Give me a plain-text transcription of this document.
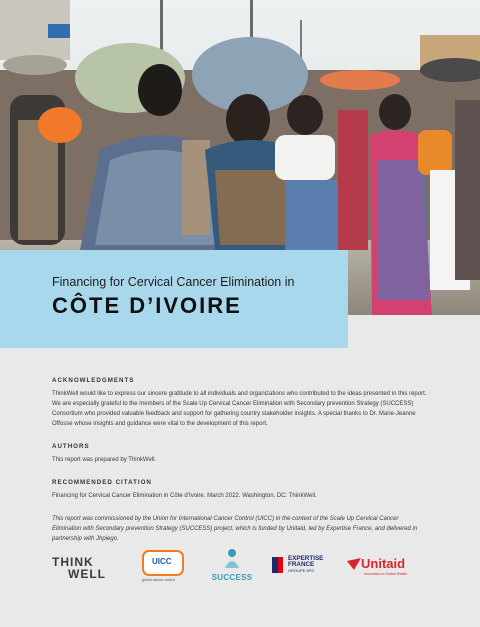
Financing for Cervical Cancer Elimination in
CÔTE D’IVOIRE
ACKNOWLEDGMENTS

ThinkWell would like to express our sincere gratitude to all individuals and organizations who contributed to the ideas presented in this report. We are especially grateful to the members of the Scale Up Cervical Cancer Elimination with Secondary prevention Strategy (SUCCESS) Consortium who provided valuable feedback and support for gathering country stakeholder insights. A special thanks to Dr. Marie-Jeanne Offosse whose insights and guidance were vital to the development of this report.

AUTHORS

This report was prepared by ThinkWell.

RECOMMENDED CITATION

Financing for Cervical Cancer Elimination in Côte d’Ivoire. March 2022. Washington, DC: ThinkWell.

This report was commissioned by the Union for International Cancer Control (UICC) in the context of the Scale Up Cervical Cancer Elimination with Secondary prevention Strategy (SUCCESS) project, which is funded by Unitaid, led by Expertise France, and delivered in partnership with Jhpiego.

THINK
WELL
UICC
global cancer control	SUCCESS
EXPERTISE
FRANCE
GROUPE AFD	Unitaid
Innovation in Global Health
